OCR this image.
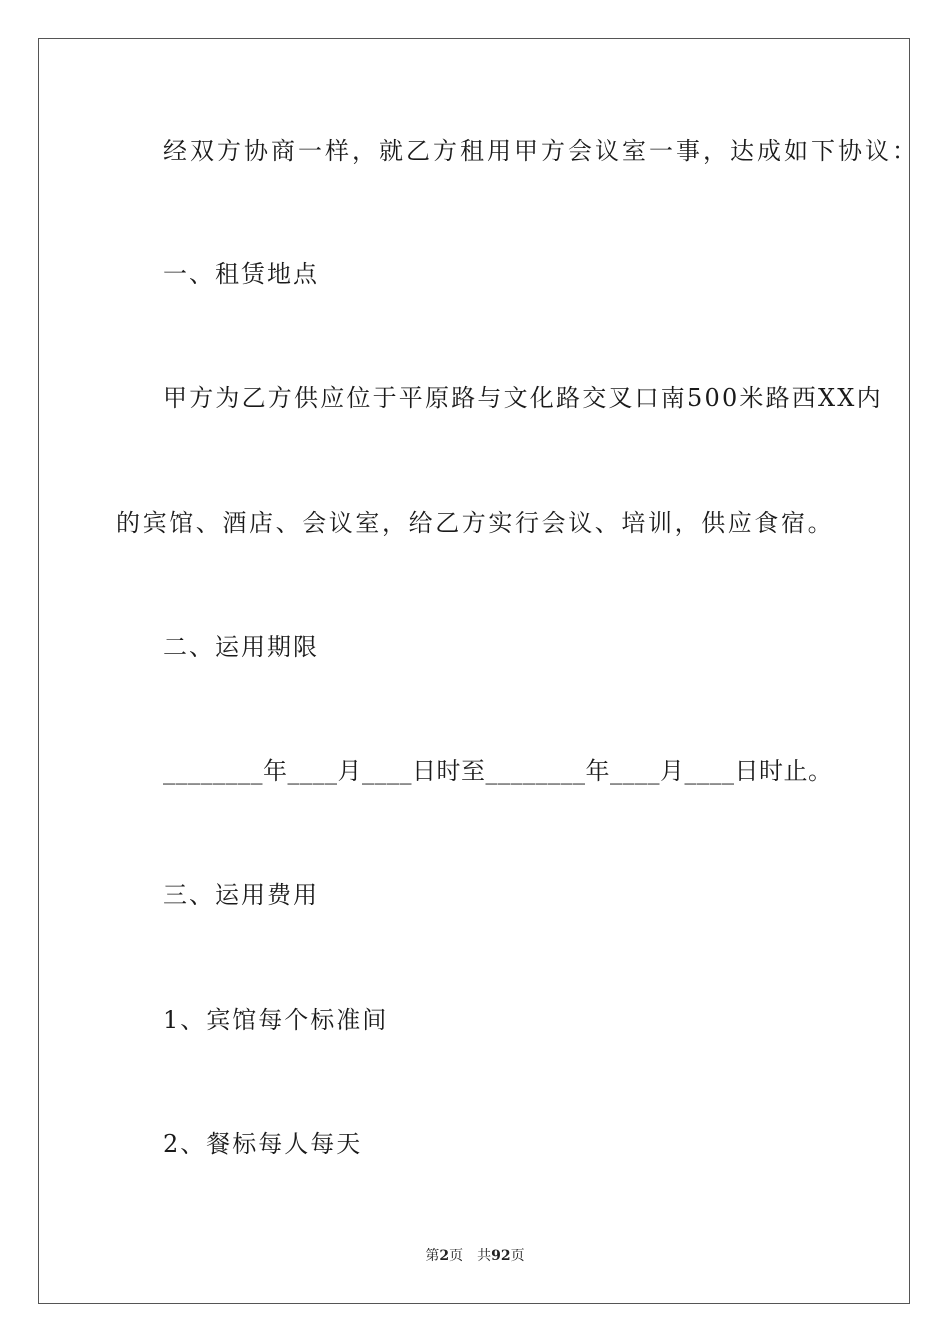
经双方协商一样，就乙方租用甲方会议室一事，达成如下协议：
一、租赁地点
甲方为乙方供应位于平原路与文化路交叉口南500米路西XX内
的宾馆、酒店、会议室，给乙方实行会议、培训，供应食宿。
二、运用期限
________年____月____日时至________年____月____日时止。
三、运用费用
1、宾馆每个标准间
2、餐标每人每天
第2页 共92页
